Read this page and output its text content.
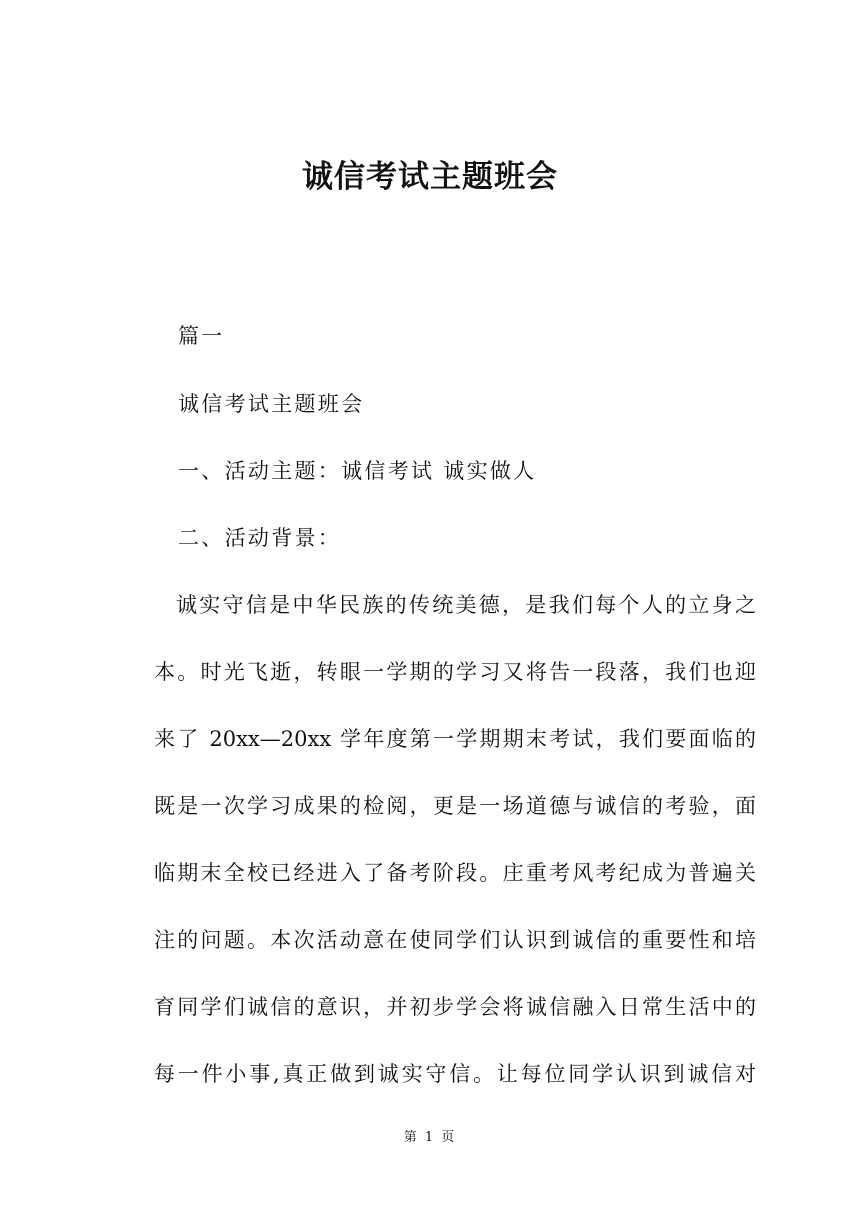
诚信考试主题班会
篇一
诚信考试主题班会
一、活动主题：诚信考试 诚实做人
二、活动背景：
诚实守信是中华民族的传统美德，是我们每个人的立身之
本。时光飞逝，转眼一学期的学习又将告一段落，我们也迎
来了 20xx—20xx 学年度第一学期期末考试，我们要面临的
既是一次学习成果的检阅，更是一场道德与诚信的考验，面
临期末全校已经进入了备考阶段。庄重考风考纪成为普遍关
注的问题。本次活动意在使同学们认识到诚信的重要性和培
育同学们诚信的意识，并初步学会将诚信融入日常生活中的
每一件小事,真正做到诚实守信。让每位同学认识到诚信对
第 1 页
